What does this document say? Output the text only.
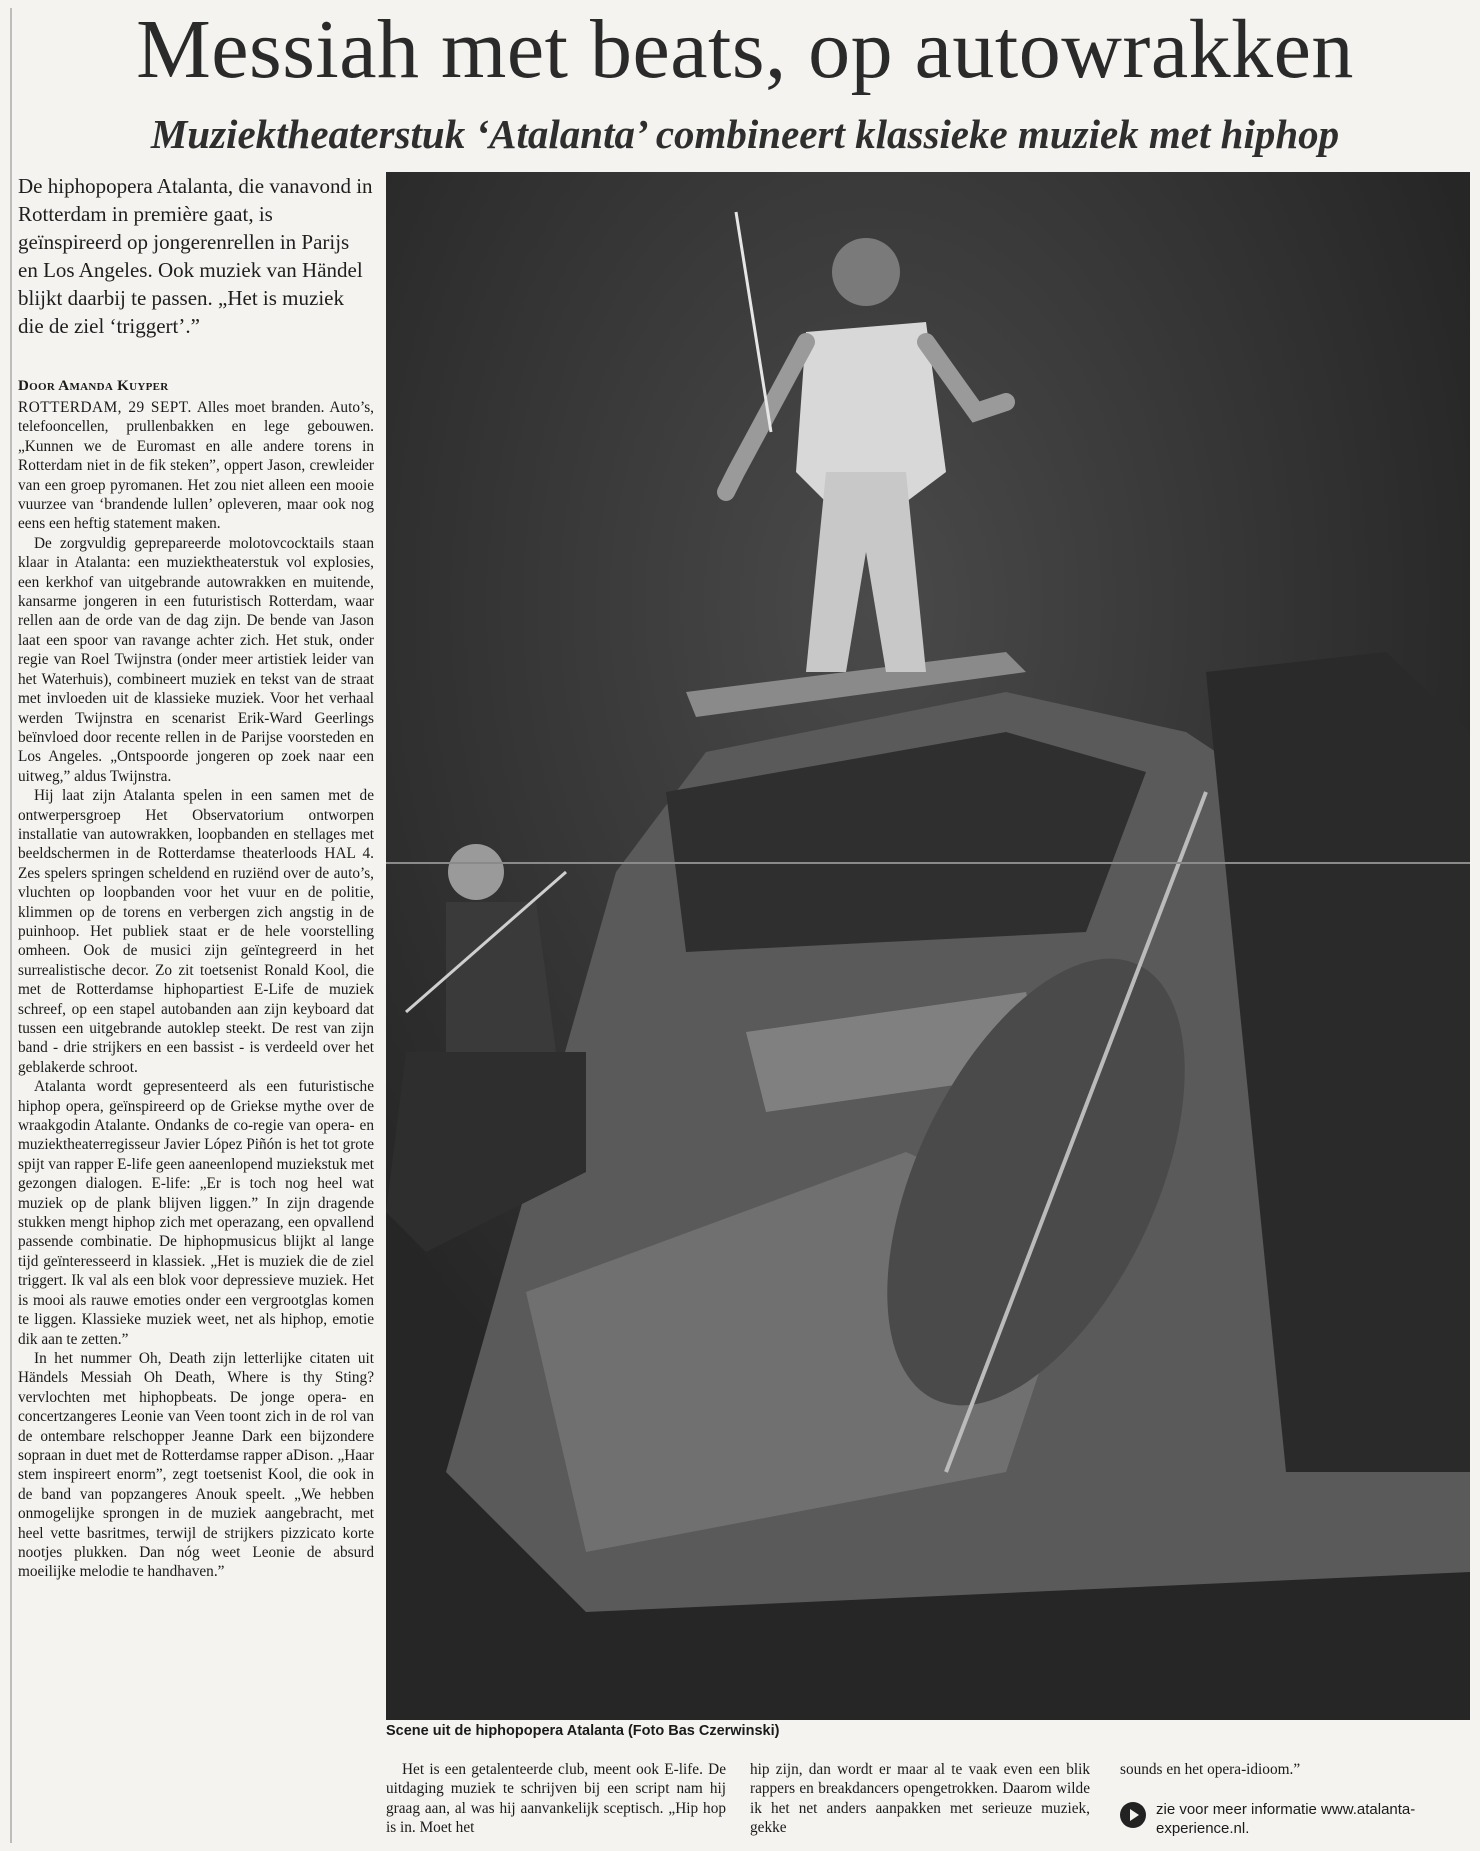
Messiah met beats, op autowrakken
Muziektheaterstuk ‘Atalanta’ combineert klassieke muziek met hiphop

De hiphopopera Atalanta, die vanavond in Rotterdam in première gaat, is geïnspireerd op jongerenrellen in Parijs en Los Angeles. Ook muziek van Händel blijkt daarbij te passen. „Het is muziek die de ziel ‘triggert’.”

Door Amanda Kuyper

ROTTERDAM, 29 SEPT. Alles moet branden. Auto’s, telefooncellen, prullenbakken en lege gebouwen. „Kunnen we de Euromast en alle andere torens in Rotterdam niet in de fik steken”, oppert Jason, crewleider van een groep pyromanen. Het zou niet alleen een mooie vuurzee van ‘brandende lullen’ opleveren, maar ook nog eens een heftig statement maken.

De zorgvuldig geprepareerde molotovcocktails staan klaar in Atalanta: een muziektheaterstuk vol explosies, een kerkhof van uitgebrande autowrakken en muitende, kansarme jongeren in een futuristisch Rotterdam, waar rellen aan de orde van de dag zijn. De bende van Jason laat een spoor van ravange achter zich. Het stuk, onder regie van Roel Twijnstra (onder meer artistiek leider van het Waterhuis), combineert muziek en tekst van de straat met invloeden uit de klassieke muziek. Voor het verhaal werden Twijnstra en scenarist Erik-Ward Geerlings beïnvloed door recente rellen in de Parijse voorsteden en Los Angeles. „Ontspoorde jongeren op zoek naar een uitweg,” aldus Twijnstra.

Hij laat zijn Atalanta spelen in een samen met de ontwerpersgroep Het Observatorium ontworpen installatie van autowrakken, loopbanden en stellages met beeldschermen in de Rotterdamse theaterloods HAL 4. Zes spelers springen scheldend en ruziënd over de auto’s, vluchten op loopbanden voor het vuur en de politie, klimmen op de torens en verbergen zich angstig in de puinhoop. Het publiek staat er de hele voorstelling omheen. Ook de musici zijn geïntegreerd in het surrealistische decor. Zo zit toetsenist Ronald Kool, die met de Rotterdamse hiphopartiest E-Life de muziek schreef, op een stapel autobanden aan zijn keyboard dat tussen een uitgebrande autoklep steekt. De rest van zijn band - drie strijkers en een bassist - is verdeeld over het geblakerde schroot.

Atalanta wordt gepresenteerd als een futuristische hiphop opera, geïnspireerd op de Griekse mythe over de wraakgodin Atalante. Ondanks de co-regie van opera- en muziektheaterregisseur Javier López Piñón is het tot grote spijt van rapper E-life geen aaneenlopend muziekstuk met gezongen dialogen. E-life: „Er is toch nog heel wat muziek op de plank blijven liggen.” In zijn dragende stukken mengt hiphop zich met operazang, een opvallend passende combinatie. De hiphopmusicus blijkt al lange tijd geïnteresseerd in klassiek. „Het is muziek die de ziel triggert. Ik val als een blok voor depressieve muziek. Het is mooi als rauwe emoties onder een vergrootglas komen te liggen. Klassieke muziek weet, net als hiphop, emotie dik aan te zetten.”

In het nummer Oh, Death zijn letterlijke citaten uit Händels Messiah Oh Death, Where is thy Sting? vervlochten met hiphopbeats. De jonge opera- en concertzangeres Leonie van Veen toont zich in de rol van de ontembare relschopper Jeanne Dark een bijzondere sopraan in duet met de Rotterdamse rapper aDison. „Haar stem inspireert enorm”, zegt toetsenist Kool, die ook in de band van popzangeres Anouk speelt. „We hebben onmogelijke sprongen in de muziek aangebracht, met heel vette basritmes, terwijl de strijkers pizzicato korte nootjes plukken. Dan nóg weet Leonie de absurd moeilijke melodie te handhaven.”

Scene uit de hiphopopera Atalanta (Foto Bas Czerwinski)

Het is een getalenteerde club, meent ook E-life. De uitdaging muziek te schrijven bij een script nam hij graag aan, al was hij aanvankelijk sceptisch. „Hip hop is in. Moet het

hip zijn, dan wordt er maar al te vaak even een blik rappers en breakdancers opengetrokken. Daarom wilde ik het net anders aanpakken met serieuze muziek, gekke

sounds en het opera-idioom.”

zie voor meer informatie www.atalanta-experience.nl.
